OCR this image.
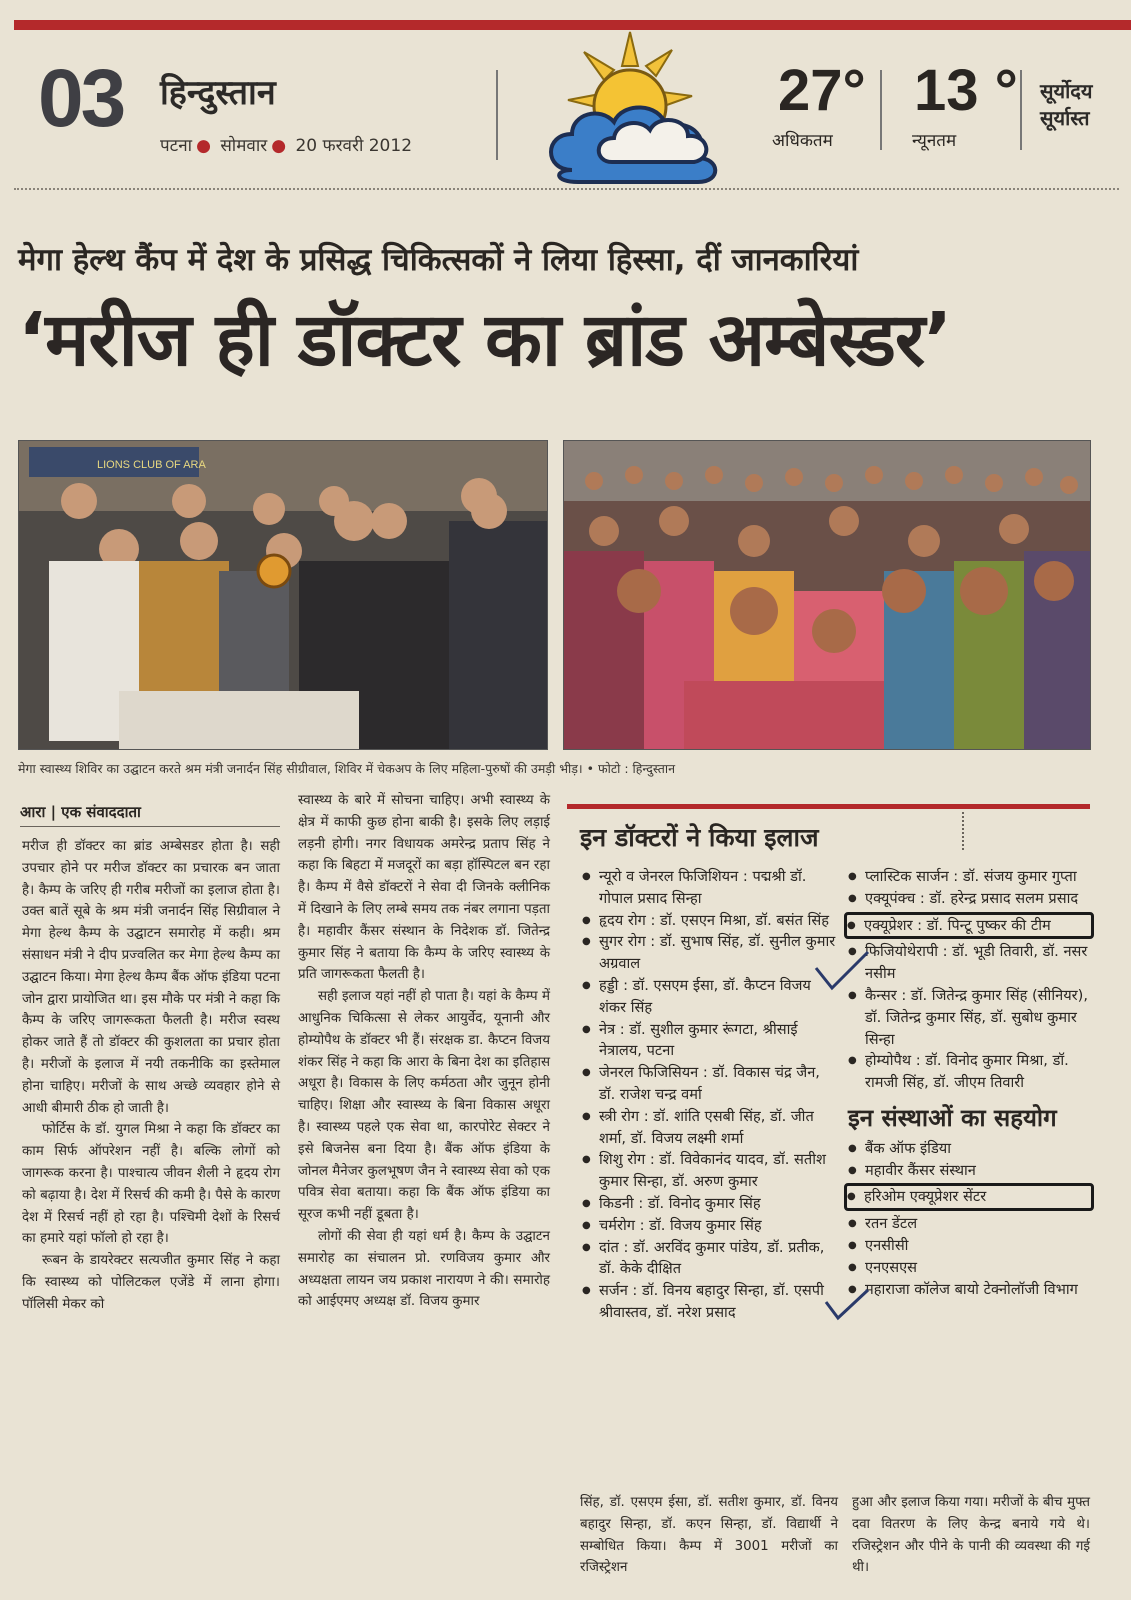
03 हिन्दुस्तान
पटना ● सोमवार ● 20 फरवरी 2012
27°
अधिकतम
13 °
न्यूनतम
सूर्योदय
सूर्यास्त
मेगा हेल्थ कैंप में देश के प्रसिद्ध चिकित्सकों ने लिया हिस्सा, दीं जानकारियां
‘मरीज ही डॉक्टर का ब्रांड अम्बेस्डर’
LIONS CLUB OF ARA
मेगा स्वास्थ्य शिविर का उद्घाटन करते श्रम मंत्री जनार्दन सिंह सीग्रीवाल, शिविर में चेकअप के लिए महिला-पुरुषों की उमड़ी भीड़। • फोटो : हिन्दुस्तान
आरा | एक संवाददाता

मरीज ही डॉक्टर का ब्रांड अम्बेसडर होता है। सही उपचार होने पर मरीज डॉक्टर का प्रचारक बन जाता है। कैम्प के जरिए ही गरीब मरीजों का इलाज होता है। उक्त बातें सूबे के श्रम मंत्री जनार्दन सिंह सिग्रीवाल ने मेगा हेल्थ कैम्प के उद्घाटन समारोह में कही। श्रम संसाधन मंत्री ने दीप प्रज्वलित कर मेगा हेल्थ कैम्प का उद्घाटन किया। मेगा हेल्थ कैम्प बैंक ऑफ इंडिया पटना जोन द्वारा प्रायोजित था। इस मौके पर मंत्री ने कहा कि कैम्प के जरिए जागरूकता फैलती है। मरीज स्वस्थ होकर जाते हैं तो डॉक्टर की कुशलता का प्रचार होता है। मरीजों के इलाज में नयी तकनीकि का इस्तेमाल होना चाहिए। मरीजों के साथ अच्छे व्यवहार होने से आधी बीमारी ठीक हो जाती है।

फोर्टिस के डॉ. युगल मिश्रा ने कहा कि डॉक्टर का काम सिर्फ ऑपरेशन नहीं है। बल्कि लोगों को जागरूक करना है। पाश्चात्य जीवन शैली ने हृदय रोग को बढ़ाया है। देश में रिसर्च की कमी है। पैसे के कारण देश में रिसर्च नहीं हो रहा है। पश्चिमी देशों के रिसर्च का हमारे यहां फॉलो हो रहा है।

रूबन के डायरेक्टर सत्यजीत कुमार सिंह ने कहा कि स्वास्थ्य को पोलिटकल एजेंडे में लाना होगा। पॉलिसी मेकर को

स्वास्थ्य के बारे में सोचना चाहिए। अभी स्वास्थ्य के क्षेत्र में काफी कुछ होना बाकी है। इसके लिए लड़ाई लड़नी होगी। नगर विधायक अमरेन्द्र प्रताप सिंह ने कहा कि बिहटा में मजदूरों का बड़ा हॉस्पिटल बन रहा है। कैम्प में वैसे डॉक्टरों ने सेवा दी जिनके क्लीनिक में दिखाने के लिए लम्बे समय तक नंबर लगाना पड़ता है। महावीर कैंसर संस्थान के निदेशक डॉ. जितेन्द्र कुमार सिंह ने बताया कि कैम्प के जरिए स्वास्थ्य के प्रति जागरूकता फैलती है।

सही इलाज यहां नहीं हो पाता है। यहां के कैम्प में आधुनिक चिकित्सा से लेकर आयुर्वेद, यूनानी और होम्योपैथ के डॉक्टर भी हैं। संरक्षक डा. कैप्टन विजय शंकर सिंह ने कहा कि आरा के बिना देश का इतिहास अधूरा है। विकास के लिए कर्मठता और जुनून होनी चाहिए। शिक्षा और स्वास्थ्य के बिना विकास अधूरा है। स्वास्थ्य पहले एक सेवा था, कारपोरेट सेक्टर ने इसे बिजनेस बना दिया है। बैंक ऑफ इंडिया के जोनल मैनेजर कुलभूषण जैन ने स्वास्थ्य सेवा को एक पवित्र सेवा बताया। कहा कि बैंक ऑफ इंडिया का सूरज कभी नहीं डूबता है।

लोगों की सेवा ही यहां धर्म है। कैम्प के उद्घाटन समारोह का संचालन प्रो. रणविजय कुमार और अध्यक्षता लायन जय प्रकाश नारायण ने की। समारोह को आईएमए अध्यक्ष डॉ. विजय कुमार

इन डॉक्टरों ने किया इलाज
● न्यूरो व जेनरल फिजिशियन : पद्मश्री डॉ. गोपाल प्रसाद सिन्हा
● हृदय रोग : डॉ. एसएन मिश्रा, डॉ. बसंत सिंह
● सुगर रोग : डॉ. सुभाष सिंह, डॉ. सुनील कुमार अग्रवाल
● हड्डी : डॉ. एसएम ईसा, डॉ. कैप्टन विजय शंकर सिंह
● नेत्र : डॉ. सुशील कुमार रूंगटा, श्रीसाई नेत्रालय, पटना
● जेनरल फिजिसियन : डॉ. विकास चंद्र जैन, डॉ. राजेश चन्द्र वर्मा
● स्त्री रोग : डॉ. शांति एसबी सिंह, डॉ. जीत शर्मा, डॉ. विजय लक्ष्मी शर्मा
● शिशु रोग : डॉ. विवेकानंद यादव, डॉ. सतीश कुमार सिन्हा, डॉ. अरुण कुमार
● किडनी : डॉ. विनोद कुमार सिंह
● चर्मरोग : डॉ. विजय कुमार सिंह
● दांत : डॉ. अरविंद कुमार पांडेय, डॉ. प्रतीक, डॉ. केके दीक्षित
● सर्जन : डॉ. विनय बहादुर सिन्हा, डॉ. एसपी श्रीवास्तव, डॉ. नरेश प्रसाद
● प्लास्टिक सार्जन : डॉ. संजय कुमार गुप्ता
● एक्यूपंक्च : डॉ. हरेन्द्र प्रसाद सलम प्रसाद
● एक्यूप्रेशर : डॉ. पिन्टू पुष्कर की टीम
● फिजियोथेरापी : डॉ. भूडी तिवारी, डॉ. नसर नसीम
● कैन्सर : डॉ. जितेन्द्र कुमार सिंह (सीनियर), डॉ. जितेन्द्र कुमार सिंह, डॉ. सुबोध कुमार सिन्हा
● होम्योपैथ : डॉ. विनोद कुमार मिश्रा, डॉ. रामजी सिंह, डॉ. जीएम तिवारी
इन संस्थाओं का सहयोग
● बैंक ऑफ इंडिया
● महावीर कैंसर संस्थान
● हरिओम एक्यूप्रेशर सेंटर
● रतन डेंटल
● एनसीसी
● एनएसएस
● महाराजा कॉलेज बायो टेक्नोलॉजी विभाग

सिंह, डॉ. एसएम ईसा, डॉ. सतीश कुमार, डॉ. विनय बहादुर सिन्हा, डॉ. कएन सिन्हा, डॉ. विद्यार्थी ने सम्बोधित किया। कैम्प में 3001 मरीजों का रजिस्ट्रेशन

हुआ और इलाज किया गया। मरीजों के बीच मुफ्त दवा वितरण के लिए केन्द्र बनाये गये थे। रजिस्ट्रेशन और पीने के पानी की व्यवस्था की गई थी।
